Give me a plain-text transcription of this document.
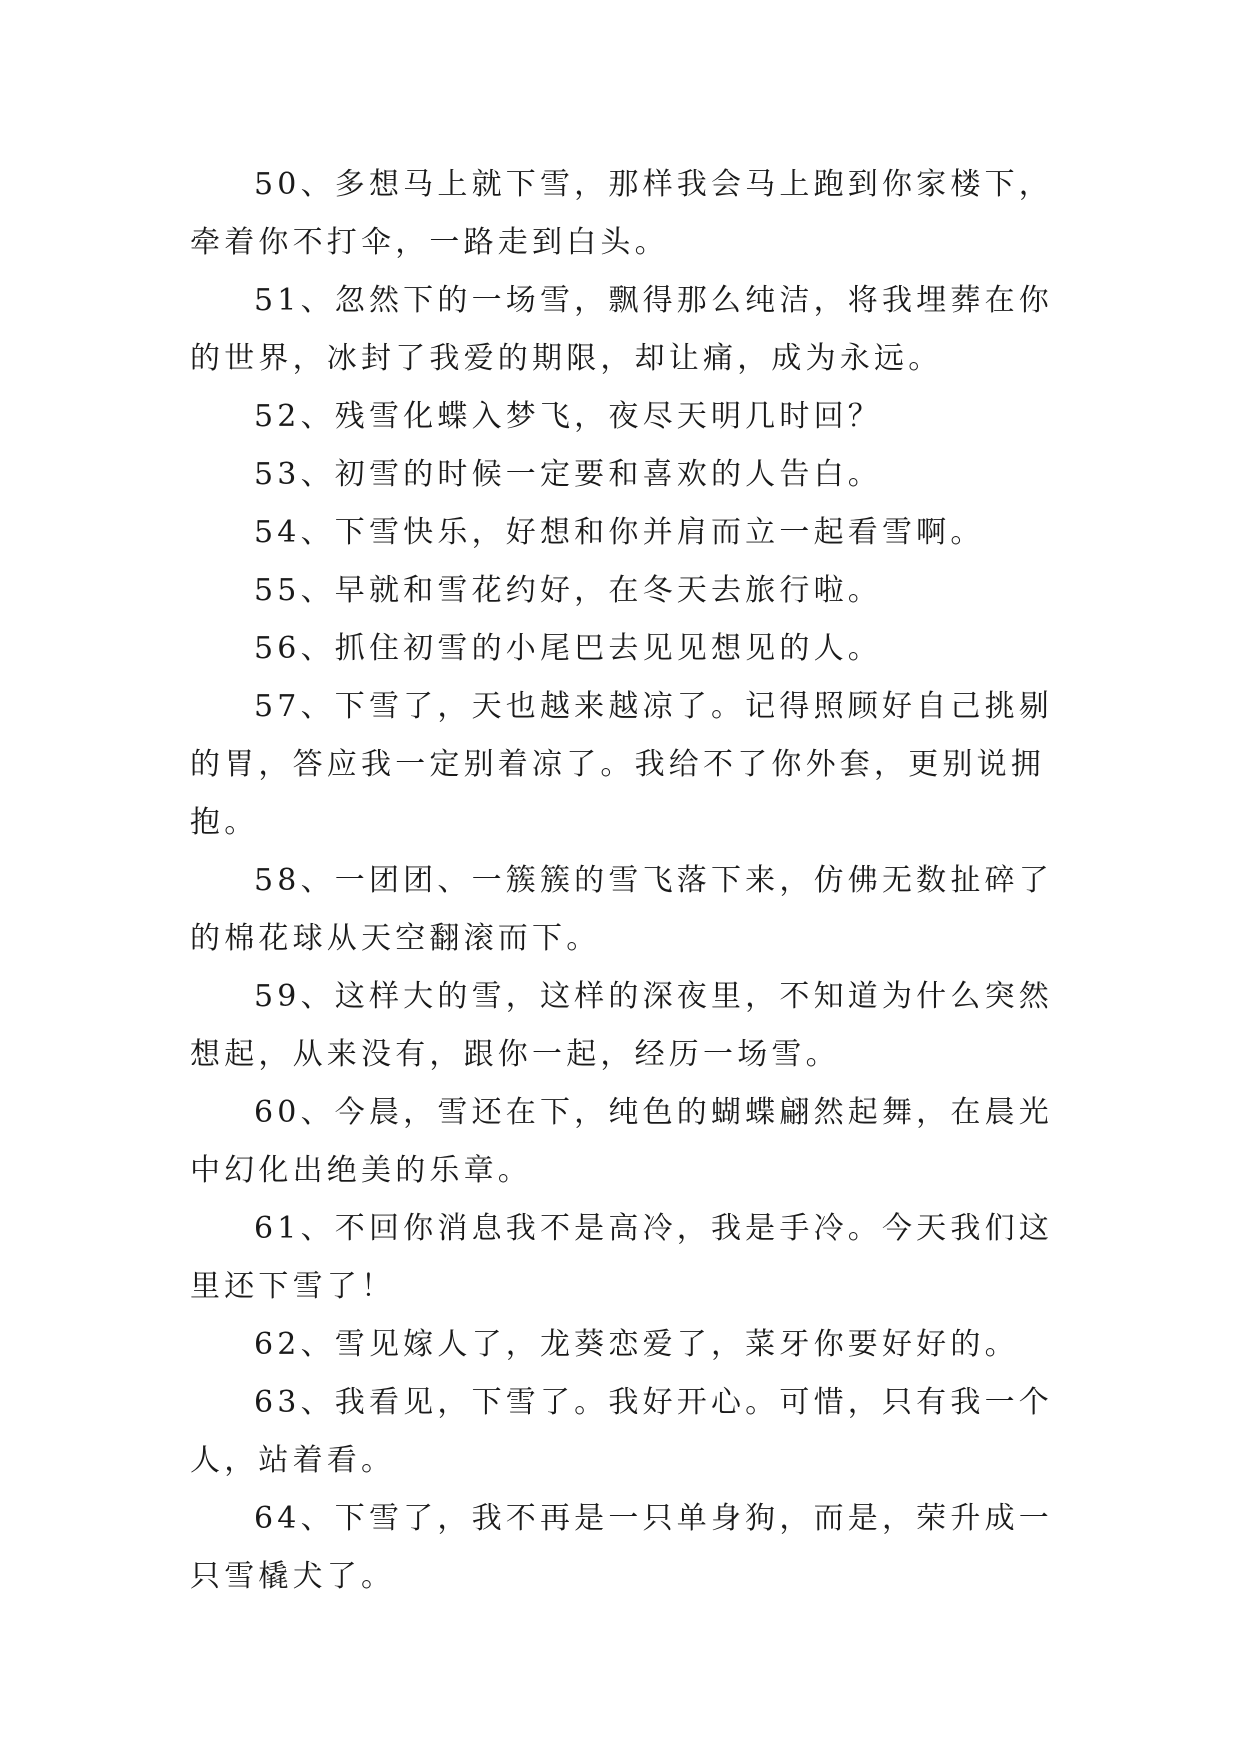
50、多想马上就下雪，那样我会马上跑到你家楼下，牵着你不打伞，一路走到白头。

51、忽然下的一场雪，飘得那么纯洁，将我埋葬在你的世界，冰封了我爱的期限，却让痛，成为永远。

52、残雪化蝶入梦飞，夜尽天明几时回？

53、初雪的时候一定要和喜欢的人告白。

54、下雪快乐，好想和你并肩而立一起看雪啊。

55、早就和雪花约好，在冬天去旅行啦。

56、抓住初雪的小尾巴去见见想见的人。

57、下雪了，天也越来越凉了。记得照顾好自己挑剔的胃，答应我一定别着凉了。我给不了你外套，更别说拥抱。

58、一团团、一簇簇的雪飞落下来，仿佛无数扯碎了的棉花球从天空翻滚而下。

59、这样大的雪，这样的深夜里，不知道为什么突然想起，从来没有，跟你一起，经历一场雪。

60、今晨，雪还在下，纯色的蝴蝶翩然起舞，在晨光中幻化出绝美的乐章。

61、不回你消息我不是高冷，我是手冷。今天我们这里还下雪了！

62、雪见嫁人了，龙葵恋爱了，菜牙你要好好的。

63、我看见，下雪了。我好开心。可惜，只有我一个人，站着看。

64、下雪了，我不再是一只单身狗，而是，荣升成一只雪橇犬了。
